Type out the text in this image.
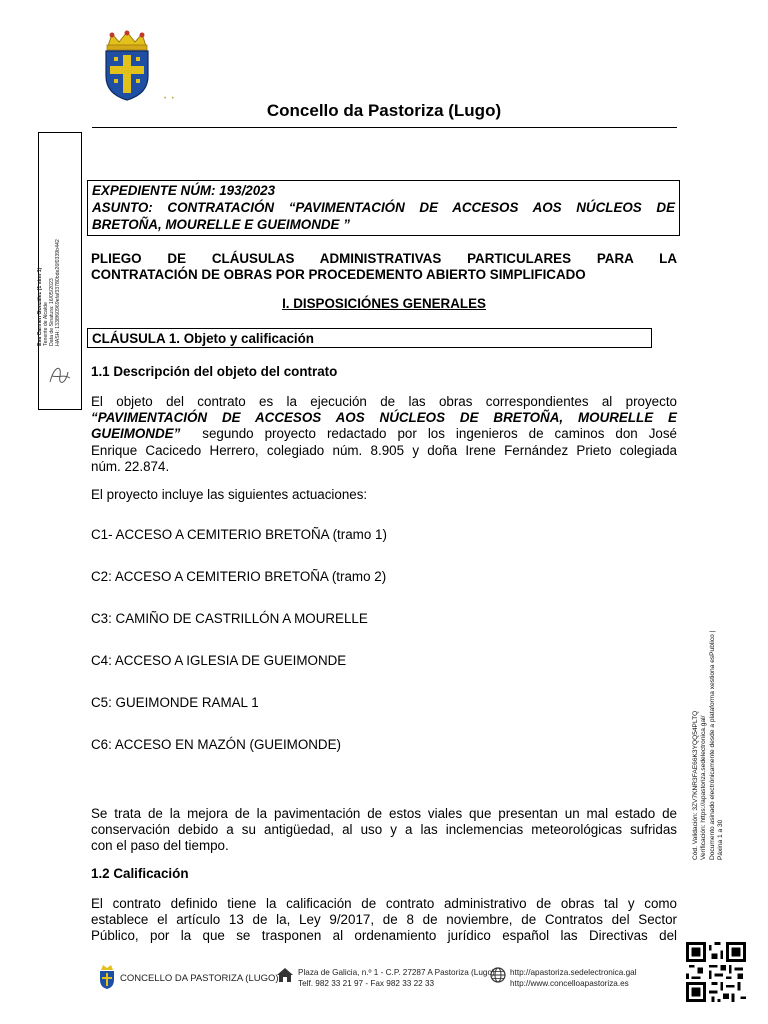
• •
Concello da Pastoriza (Lugo)
Eva Carmen González (1 sinn 1) Tenente de Alcalde Data de Sinatura: 16/05/2023 HASH: 1338f60969efaf33780bde26f0339b442
Cód. Validación: 3ZV7KNR3FAE66K3YQQ54PLTQ Verificación: https://apastoriza.sedelectronica.gal/ Documento asinado electrónicamente desde a plataforma xestiona esPublico | Páxina 1 a 30
EXPEDIENTE NÚM: 193/2023
ASUNTO: CONTRATACIÓN “PAVIMENTACIÓN DE ACCESOS AOS NÚCLEOS DE
BRETOÑA, MOURELLE E GUEIMONDE ”
PLIEGO DE CLÁUSULAS ADMINISTRATIVAS PARTICULARES PARA LA
CONTRATACIÓN DE OBRAS POR PROCEDEMENTO ABIERTO SIMPLIFICADO
I. DISPOSICIÓNES GENERALES
CLÁUSULA 1. Objeto y calificación
1.1 Descripción del objeto del contrato
El objeto del contrato es la ejecución de las obras correspondientes al proyecto
“PAVIMENTACIÓN DE ACCESOS AOS NÚCLEOS DE BRETOÑA, MOURELLE E
GUEIMONDE” segundo proyecto redactado por los ingenieros de caminos don José
Enrique Cacicedo Herrero, colegiado núm. 8.905 y doña Irene Fernández Prieto colegiada
núm. 22.874.
El proyecto incluye las siguientes actuaciones:
C1- ACCESO A CEMITERIO BRETOÑA (tramo 1)
C2: ACCESO A CEMITERIO BRETOÑA (tramo 2)
C3: CAMIÑO DE CASTRILLÓN A MOURELLE
C4: ACCESO A IGLESIA DE GUEIMONDE
C5: GUEIMONDE RAMAL 1
C6: ACCESO EN MAZÓN (GUEIMONDE)
Se trata de la mejora de la pavimentación de estos viales que presentan un mal estado de
conservación debido a su antigüedad, al uso y a las inclemencias meteorológicas sufridas
con el paso del tiempo.
1.2 Calificación
El contrato definido tiene la calificación de contrato administrativo de obras tal y como
establece el artículo 13 de la, Ley 9/2017, de 8 de noviembre, de Contratos del Sector
Público, por la que se trasponen al ordenamiento jurídico español las Directivas del
CONCELLO DA PASTORIZA (LUGO)
Plaza de Galicia, n.º 1 - C.P. 27287 A Pastoriza (Lugo)
Telf. 982 33 21 97 - Fax 982 33 22 33
http://apastoriza.sedelectronica.gal
http://www.concelloapastoriza.es
